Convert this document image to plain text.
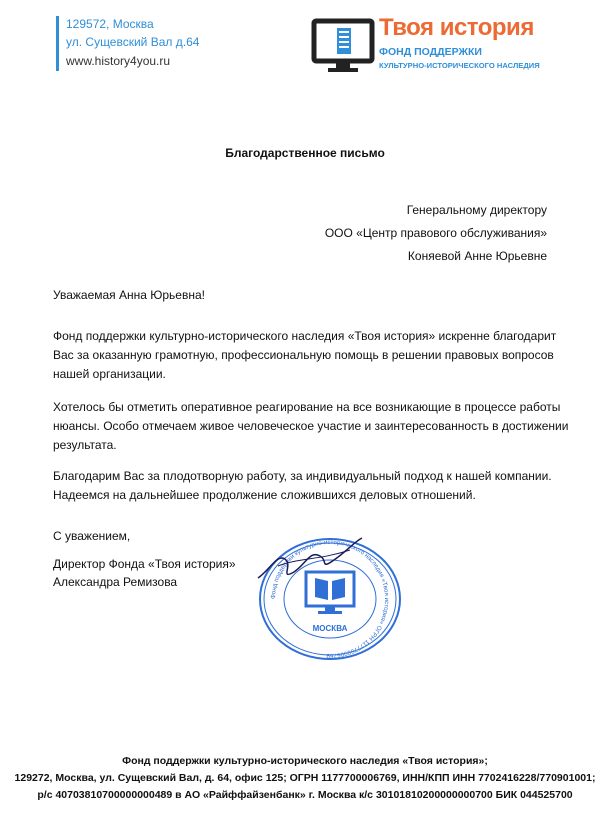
129572, Москва
ул. Сущевский Вал д.64
www.history4you.ru
Твоя история
ФОНД ПОДДЕРЖКИ
КУЛЬТУРНО-ИСТОРИЧЕСКОГО НАСЛЕДИЯ
Благодарственное письмо
Генеральному директору
ООО «Центр правового обслуживания»
Коняевой Анне Юрьевне
Уважаемая Анна Юрьевна!
Фонд поддержки культурно-исторического наследия «Твоя история» искренне благодарит
Вас за оказанную грамотную, профессиональную помощь в решении правовых вопросов
нашей организации.
Хотелось бы отметить оперативное реагирование на все возникающие в процессе работы
нюансы. Особо отмечаем живое человеческое участие и заинтересованность в достижении
результата.
Благодарим Вас за плодотворную работу, за индивидуальный подход к нашей компании.
Надеемся на дальнейшее продолжение сложившихся деловых отношений.
С уважением,
Директор Фонда «Твоя история»
Александра Ремизова
Фонд поддержки культурно-исторического наследия «Твоя история» ОГРН 1177700006769
МОСКВА
Фонд поддержки культурно-исторического наследия «Твоя история»;
129272, Москва, ул. Сущевский Вал, д. 64, офис 125; ОГРН 1177700006769, ИНН/КПП ИНН 7702416228/770901001;
р/с 40703810700000000489 в АО «Райффайзенбанк» г. Москва к/с 30101810200000000700 БИК 044525700
